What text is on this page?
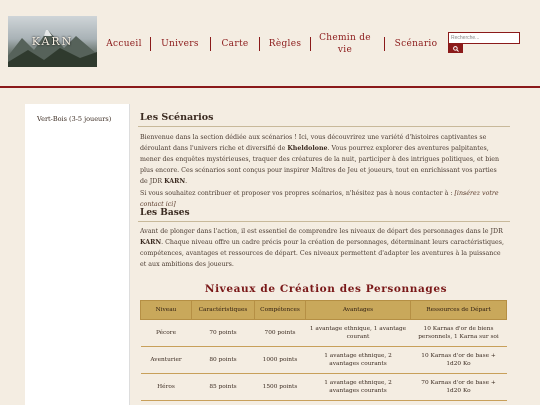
KARN	Accueil	Univers	Carte	Règles
Chemin de vie
Scénario
Recherche...
Vert-Bois (3-5 joueurs)	Les Scénarios

Bienvenue dans la section dédiée aux scénarios ! Ici, vous découvrirez une variété d'histoires captivantes se déroulant dans l'univers riche et diversifié de Kheldolone. Vous pourrez explorer des aventures palpitantes, mener des enquêtes mystérieuses, traquer des créatures de la nuit, participer à des intrigues politiques, et bien plus encore. Ces scénarios sont conçus pour inspirer Maîtres de Jeu et joueurs, tout en enrichissant vos parties de JDR KARN.

Si vous souhaitez contribuer et proposer vos propres scénarios, n'hésitez pas à nous contacter à : [insérez votre contact ici]

Les Bases

Avant de plonger dans l'action, il est essentiel de comprendre les niveaux de départ des personnages dans le JDR KARN. Chaque niveau offre un cadre précis pour la création de personnages, déterminant leurs caractéristiques, compétences, avantages et ressources de départ. Ces niveaux permettent d'adapter les aventures à la puissance et aux ambitions des joueurs.

Niveaux de Création des Personnages
Niveau	Caractéristiques	Compétences	Avantages	Ressources de Départ
Pécore	70 points	700 points	1 avantage ethnique, 1 avantage courant	10 Karnas d'or de biens personnels, 1 Karna sur soi
Aventurier	80 points	1000 points	1 avantage ethnique, 2 avantages courants	10 Karnas d'or de base + 1d20 Ko
Héros	85 points	1500 points	1 avantage ethnique, 2 avantages courants	70 Karnas d'or de base + 1d20 Ko
